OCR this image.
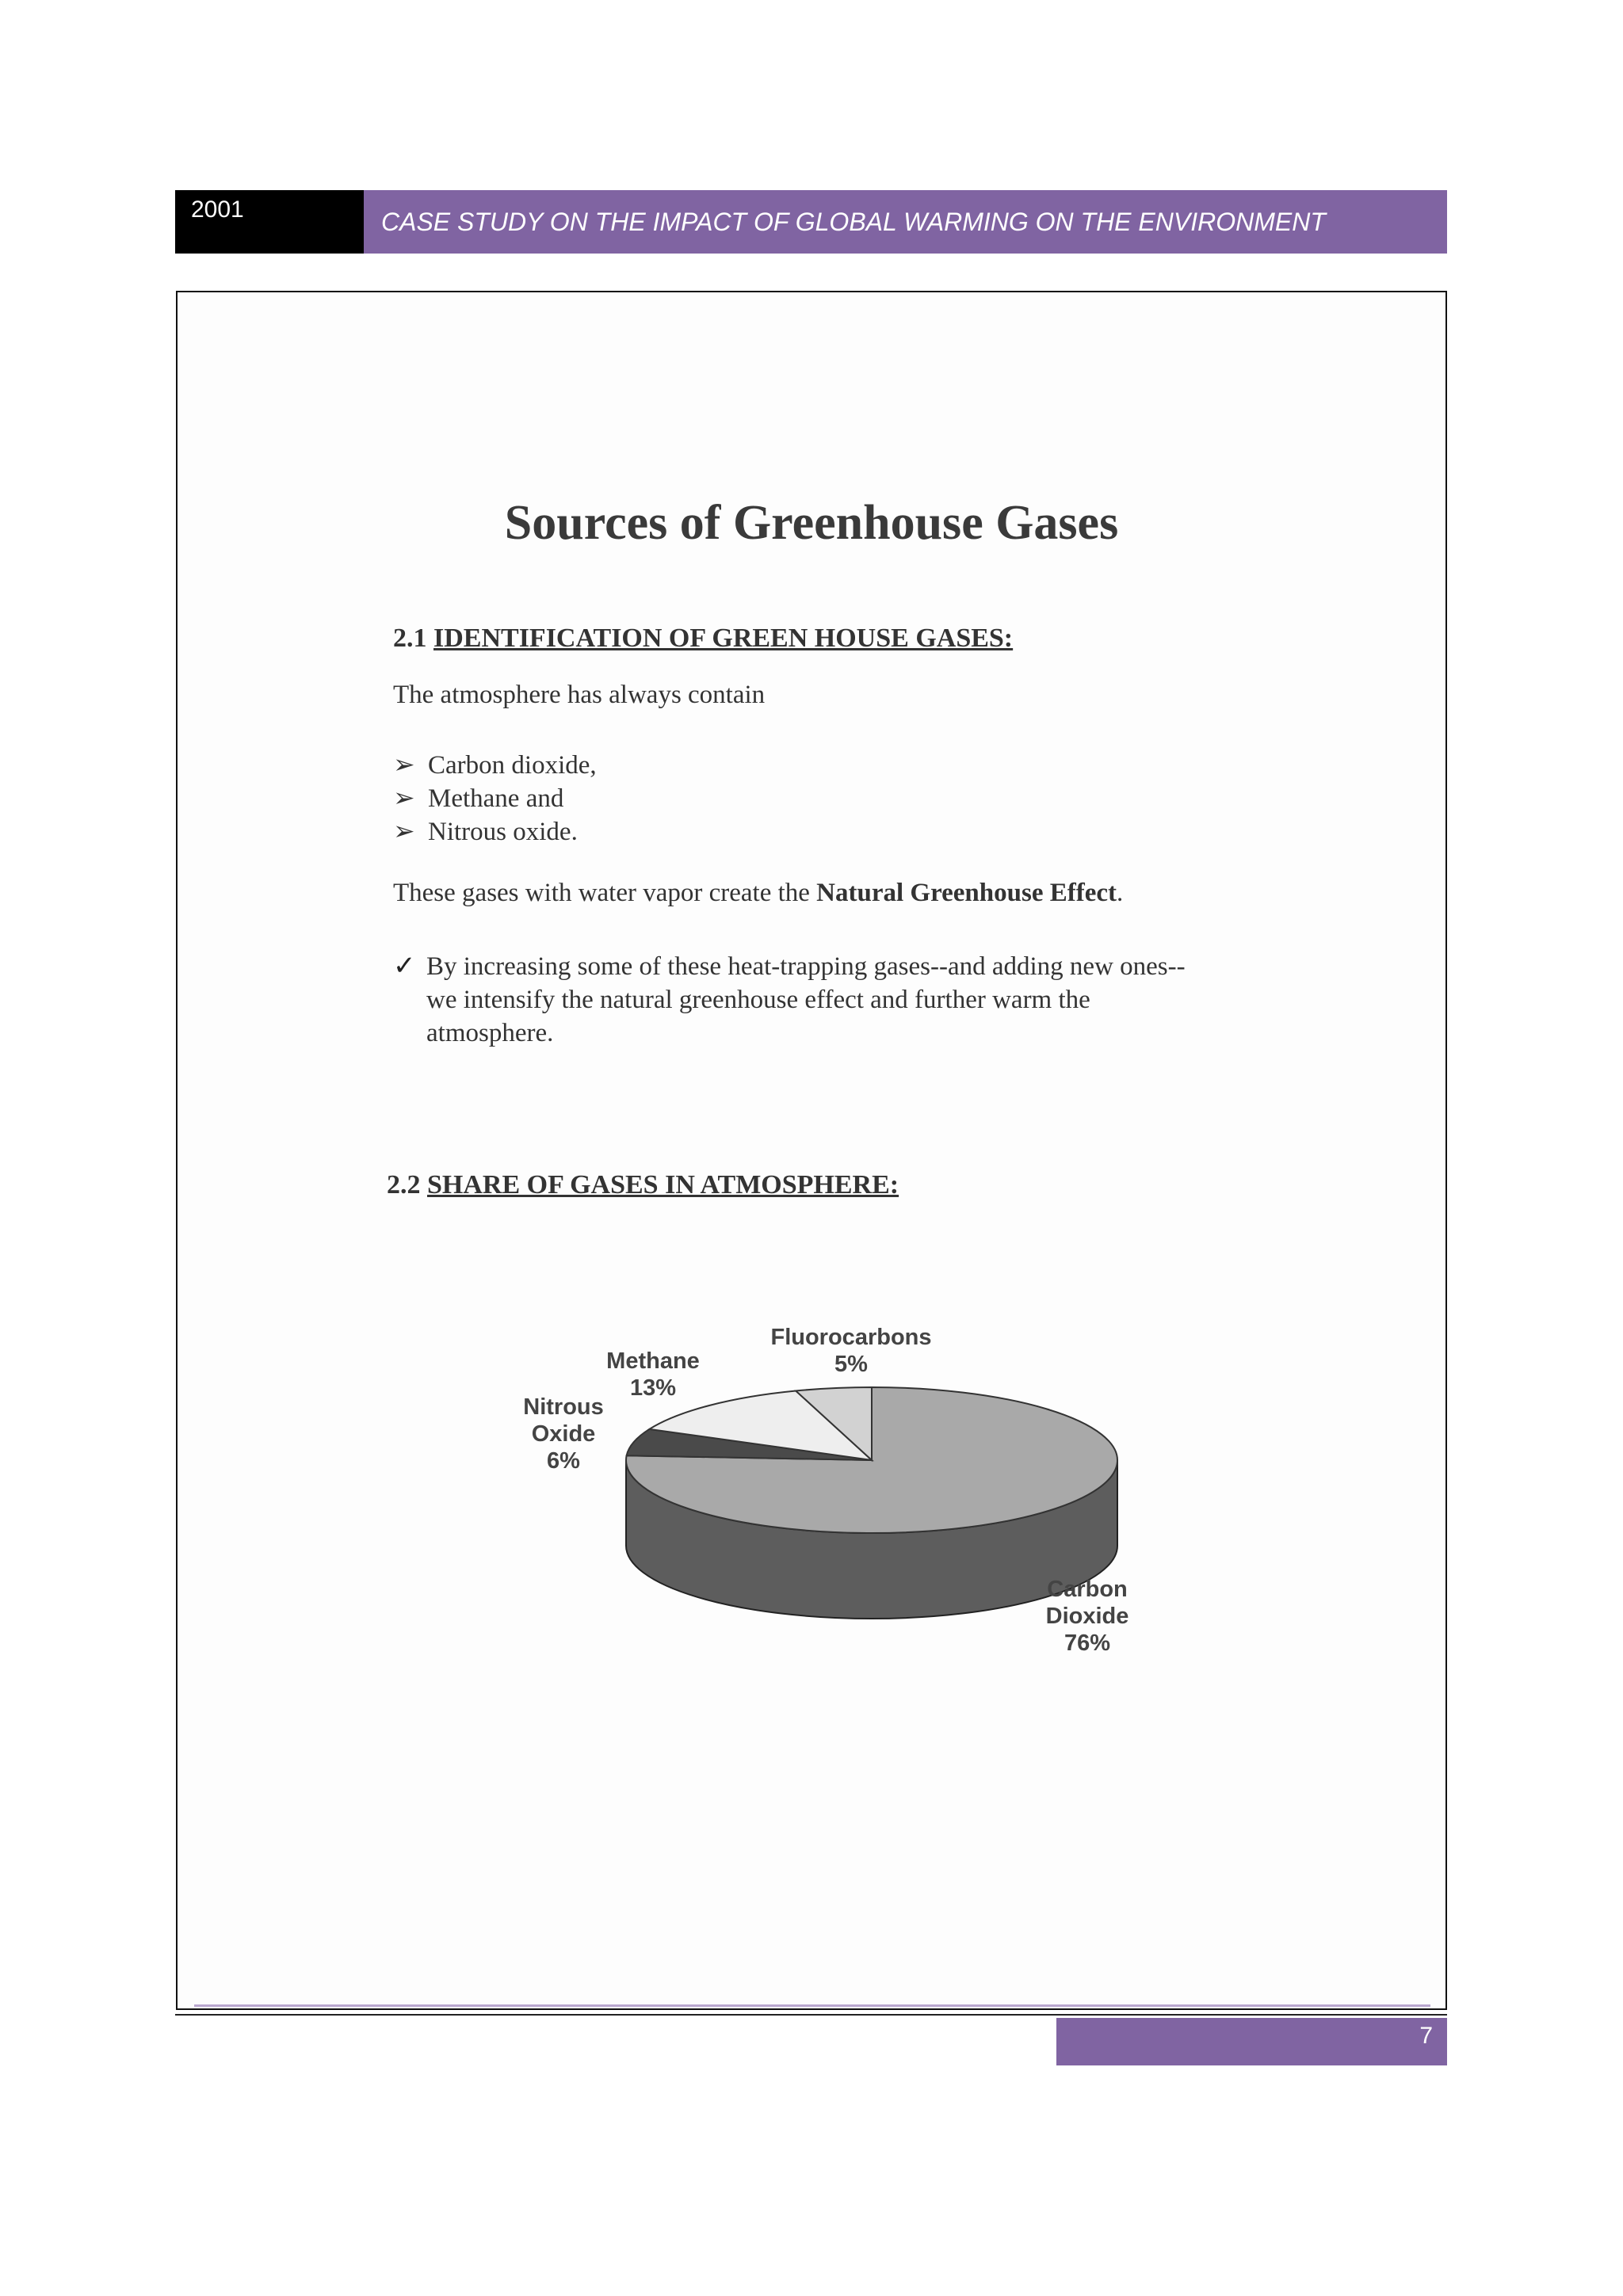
2001	CASE STUDY ON THE IMPACT OF GLOBAL WARMING ON THE ENVIRONMENT
Sources of Greenhouse Gases
2.1 IDENTIFICATION OF GREEN HOUSE GASES:
The atmosphere has always contain
➢ Carbon dioxide,
➢ Methane and
➢ Nitrous oxide.
These gases with water vapor create the Natural Greenhouse Effect.
✓ By increasing some of these heat-trapping gases--and adding new ones--
we intensify the natural greenhouse effect and further warm the
atmosphere.
2.2 SHARE OF GASES IN ATMOSPHERE:
Fluorocarbons
5%
Methane
13%
Nitrous
Oxide
6%
Carbon
Dioxide
76%
7
